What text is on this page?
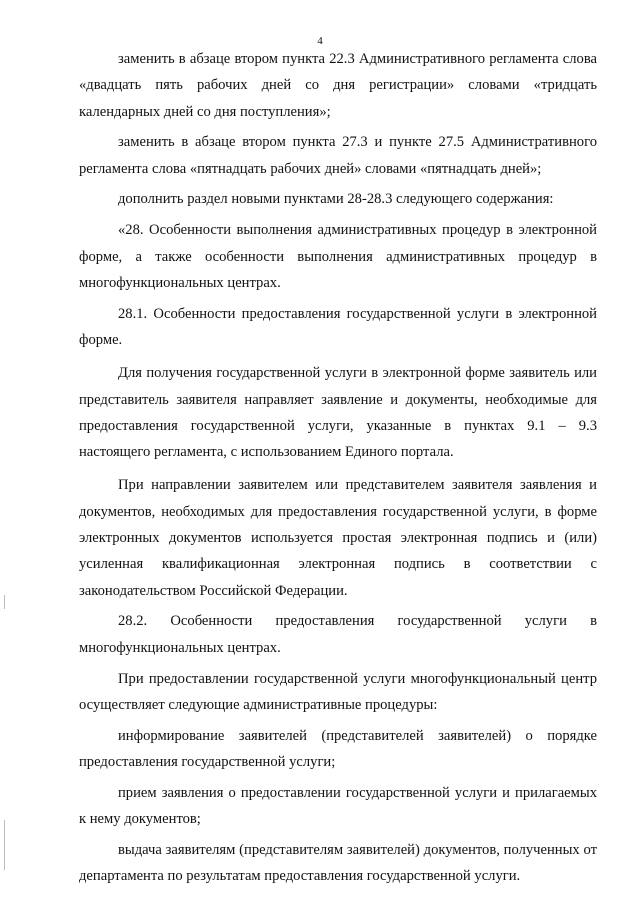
4

заменить в абзаце втором пункта 22.3 Административного регламента слова «двадцать пять рабочих дней со дня регистрации» словами «тридцать календарных дней со дня поступления»;

заменить в абзаце втором пункта 27.3 и пункте 27.5 Административного регламента слова «пятнадцать рабочих дней» словами «пятнадцать дней»;

дополнить раздел новыми пунктами 28-28.3 следующего содержания:

«28. Особенности выполнения административных процедур в электронной форме, а также особенности выполнения административных процедур в многофункциональных центрах.

28.1. Особенности предоставления государственной услуги в электронной форме.

Для получения государственной услуги в электронной форме заявитель или представитель заявителя направляет заявление и документы, необходимые для предоставления государственной услуги, указанные в пунктах 9.1 – 9.3 настоящего регламента, с использованием Единого портала.

При направлении заявителем или представителем заявителя заявления и документов, необходимых для предоставления государственной услуги, в форме электронных документов используется простая электронная подпись и (или) усиленная квалификационная электронная подпись в соответствии с законодательством Российской Федерации.

28.2. Особенности предоставления государственной услуги в многофункциональных центрах.

При предоставлении государственной услуги многофункциональный центр осуществляет следующие административные процедуры:

информирование заявителей (представителей заявителей) о порядке предоставления государственной услуги;

прием заявления о предоставлении государственной услуги и прилагаемых к нему документов;

выдача заявителям (представителям заявителей) документов, полученных от департамента по результатам предоставления государственной услуги.
